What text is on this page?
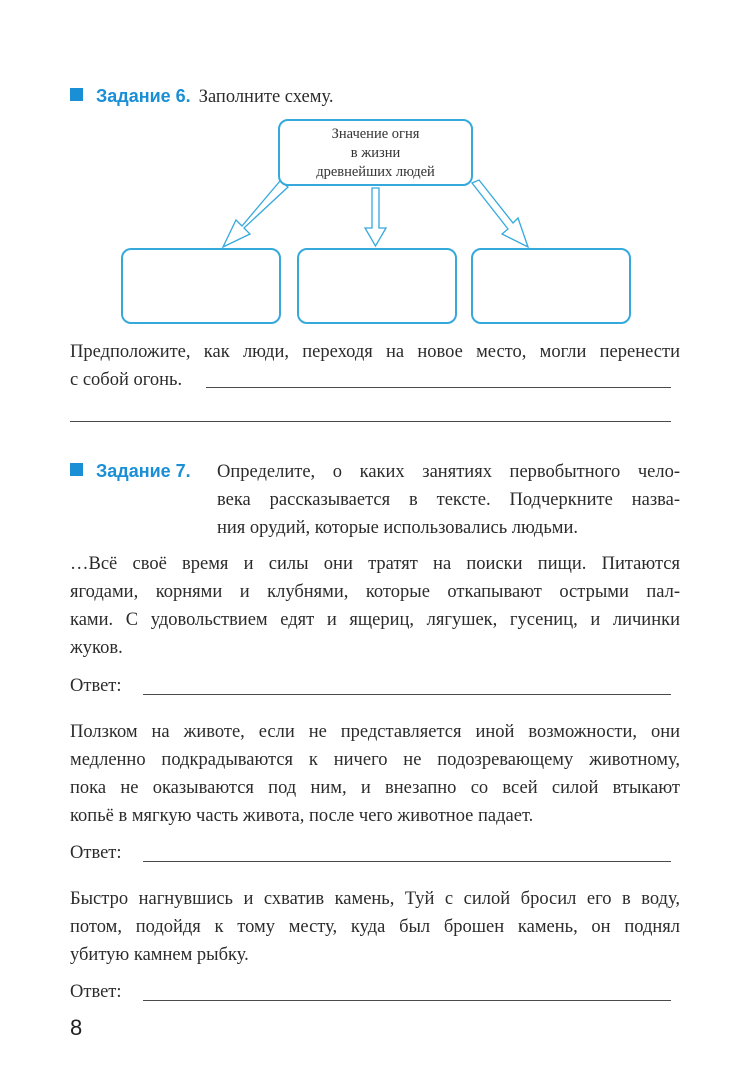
Задание 6. Заполните схему.
Значение огня
в жизни
древнейших людей
Предположите, как люди, переходя на новое место, могли перенести
с собой огонь.
Задание 7. Определите, о каких занятиях первобытного чело-
века рассказывается в тексте. Подчеркните назва-
ния орудий, которые использовались людьми.
…Всё своё время и силы они тратят на поиски пищи. Питаются
ягодами, корнями и клубнями, которые откапывают острыми пал-
ками. С удовольствием едят и ящериц, лягушек, гусениц, и личинки
жуков.
Ответ:
Ползком на животе, если не представляется иной возможности, они
медленно подкрадываются к ничего не подозревающему животному,
пока не оказываются под ним, и внезапно со всей силой втыкают
копьё в мягкую часть живота, после чего животное падает.
Ответ:
Быстро нагнувшись и схватив камень, Туй с силой бросил его в воду,
потом, подойдя к тому месту, куда был брошен камень, он поднял
убитую камнем рыбку.
Ответ:
8
